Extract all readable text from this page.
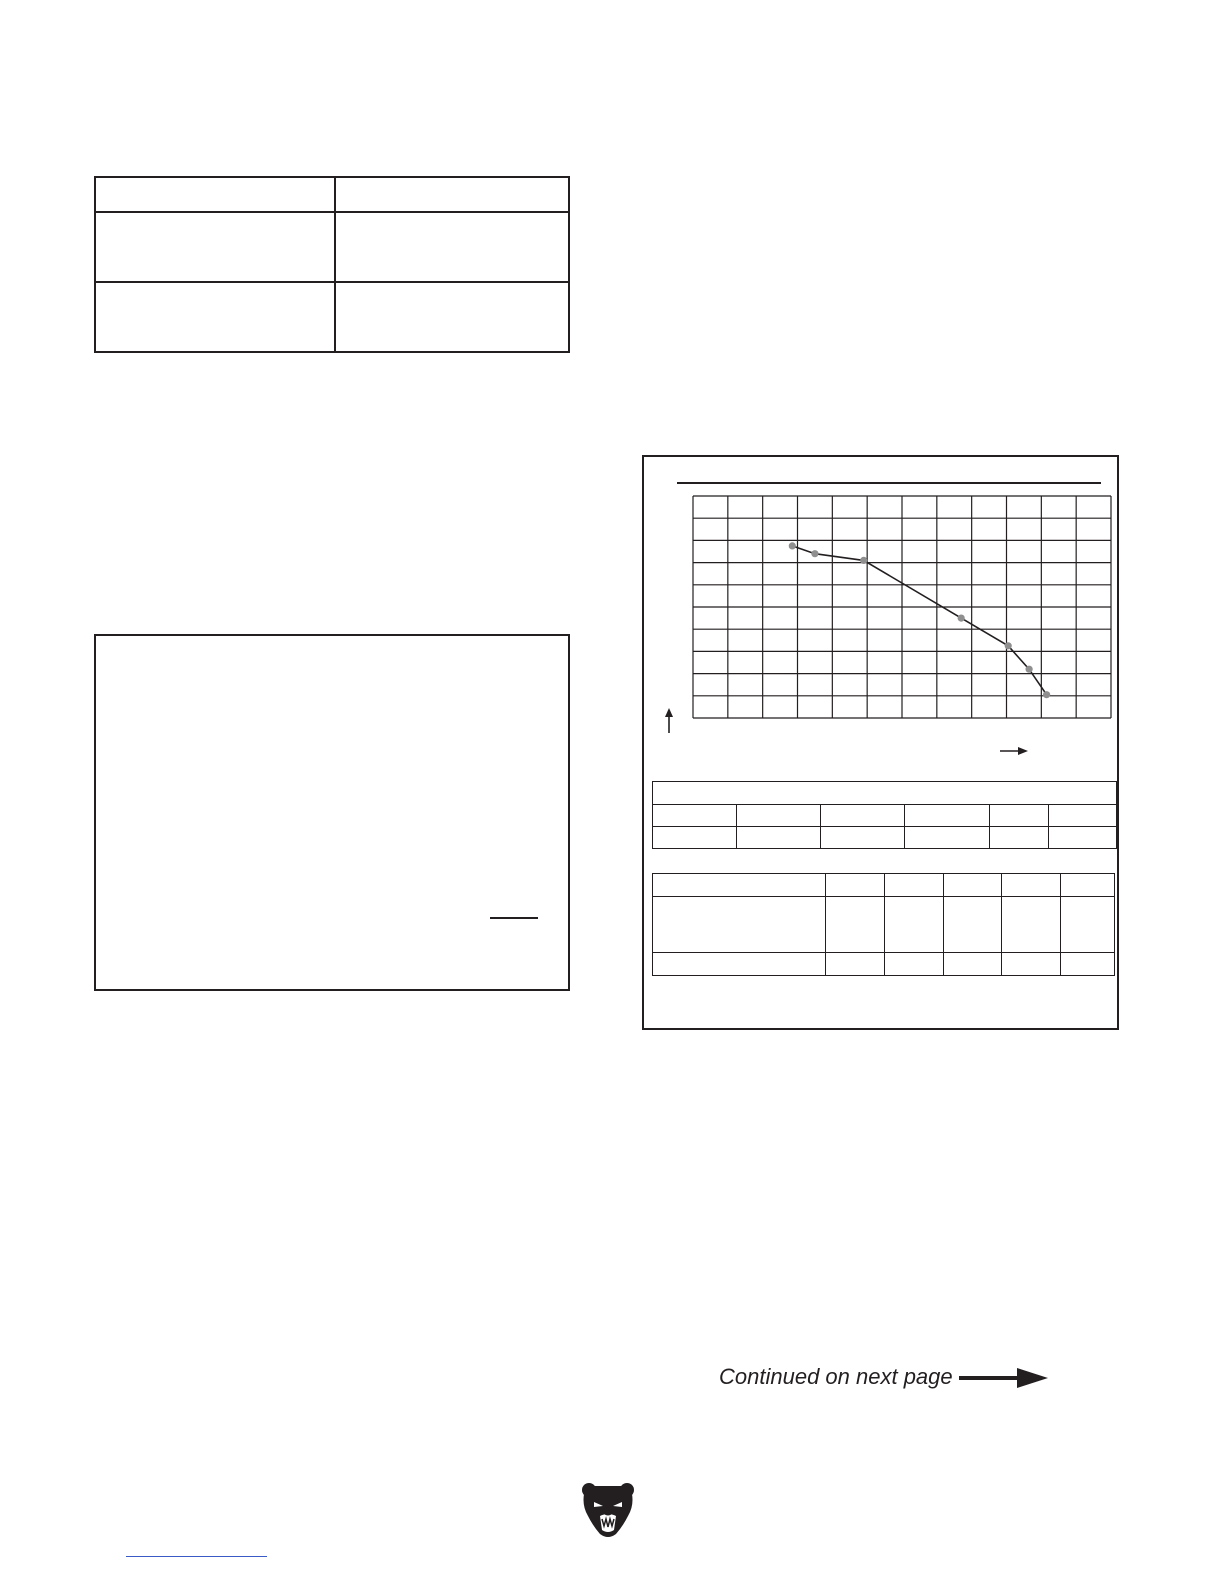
Continued on next page
